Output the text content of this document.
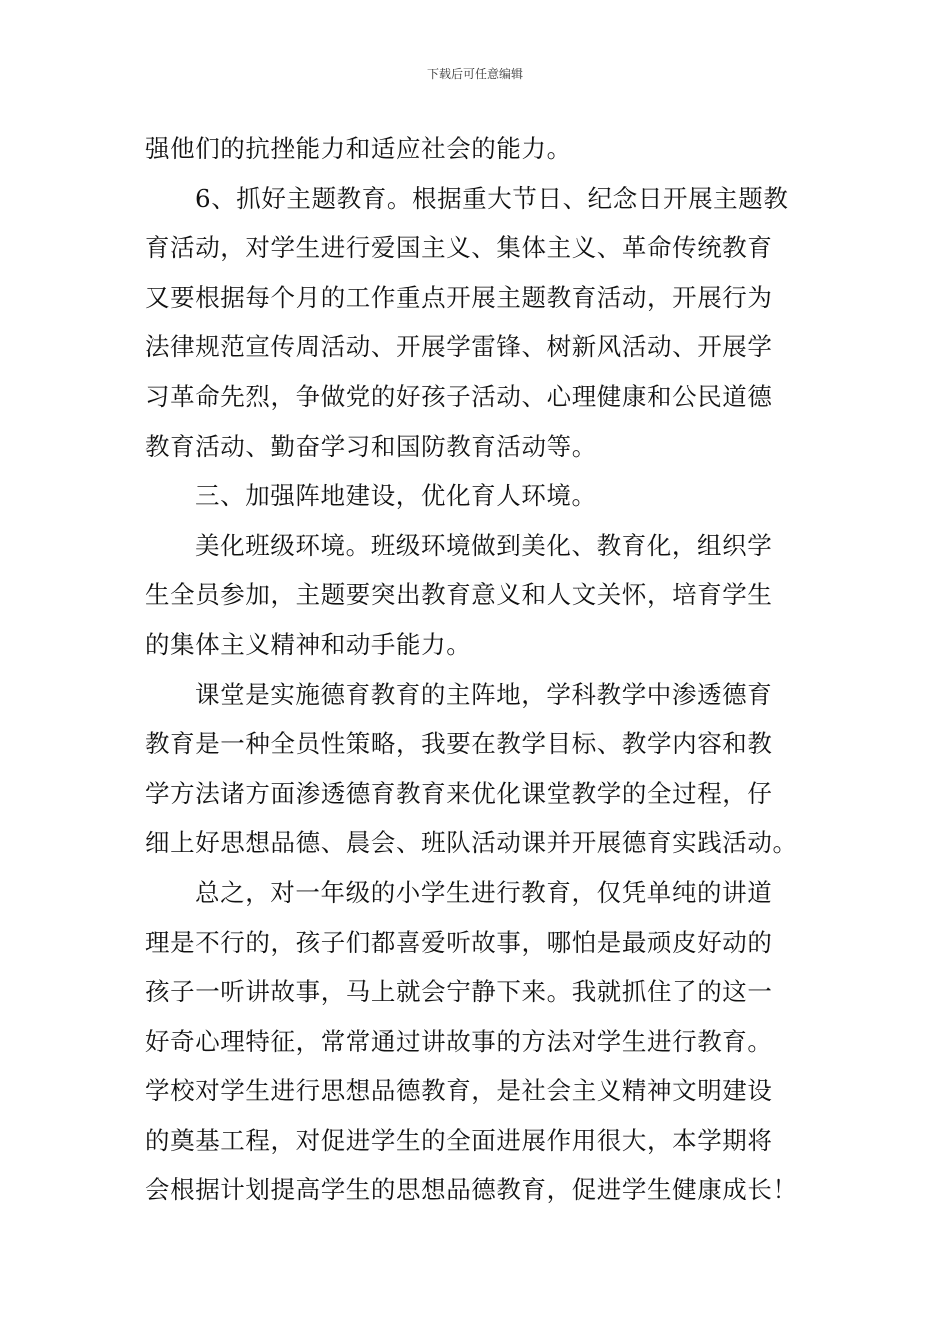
下载后可任意编辑
强他们的抗挫能力和适应社会的能力。
6、抓好主题教育。根据重大节日、纪念日开展主题教
育活动，对学生进行爱国主义、集体主义、革命传统教育
又要根据每个月的工作重点开展主题教育活动，开展行为
法律规范宣传周活动、开展学雷锋、树新风活动、开展学
习革命先烈，争做党的好孩子活动、心理健康和公民道德
教育活动、勤奋学习和国防教育活动等。
三、加强阵地建设，优化育人环境。
美化班级环境。班级环境做到美化、教育化，组织学
生全员参加，主题要突出教育意义和人文关怀，培育学生
的集体主义精神和动手能力。
课堂是实施德育教育的主阵地，学科教学中渗透德育
教育是一种全员性策略，我要在教学目标、教学内容和教
学方法诸方面渗透德育教育来优化课堂教学的全过程，仔
细上好思想品德、晨会、班队活动课并开展德育实践活动。
总之，对一年级的小学生进行教育，仅凭单纯的讲道
理是不行的，孩子们都喜爱听故事，哪怕是最顽皮好动的
孩子一听讲故事，马上就会宁静下来。我就抓住了的这一
好奇心理特征，常常通过讲故事的方法对学生进行教育。
学校对学生进行思想品德教育，是社会主义精神文明建设
的奠基工程，对促进学生的全面进展作用很大，本学期将
会根据计划提高学生的思想品德教育，促进学生健康成长！
